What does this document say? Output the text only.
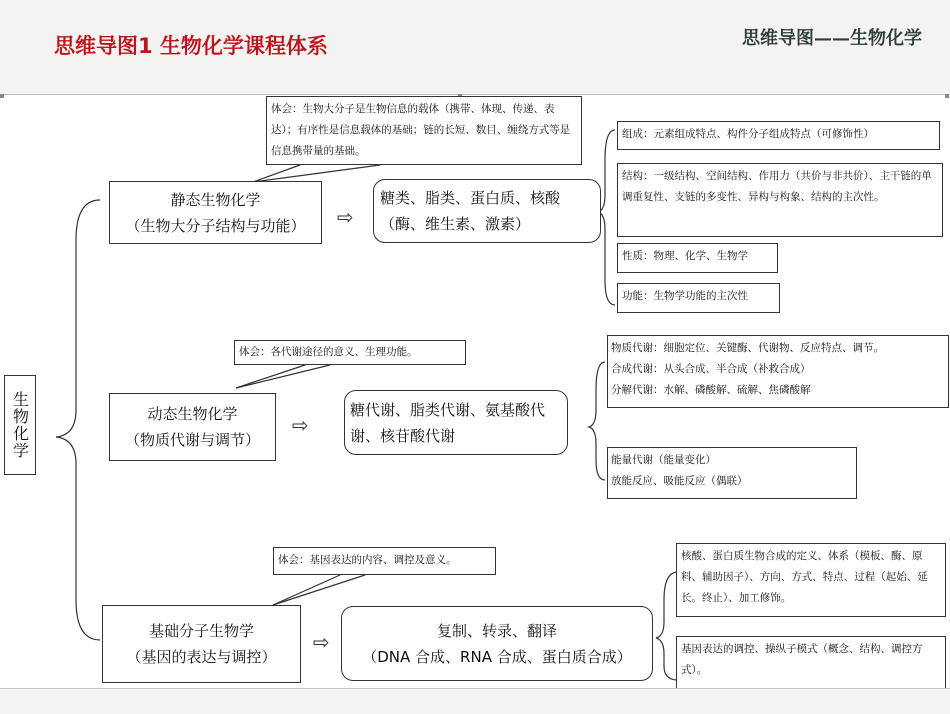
思维导图1 生物化学课程体系	思维导图——生物化学
生物化学
体会：生物大分子是生物信息的载体（携带、体现、传递、表达）；有序性是信息载体的基础；链的长短、数目、缠绕方式等是信息携带量的基础。
静态生物化学
（生物大分子结构与功能） ⇨
糖类、脂类、蛋白质、核酸（酶、维生素、激素）
组成：元素组成特点、构件分子组成特点（可修饰性）
结构：一级结构、空间结构、作用力（共价与非共价）、主干链的单调重复性、支链的多变性、异构与构象、结构的主次性。
性质：物理、化学、生物学
功能：生物学功能的主次性
体会：各代谢途径的意义、生理功能。
动态生物化学
（物质代谢与调节）
⇨
糖代谢、脂类代谢、氨基酸代谢、核苷酸代谢
物质代谢：细胞定位、关键酶、代谢物、反应特点、调节。
合成代谢：从头合成、半合成（补救合成）
分解代谢：水解、磷酸解、硫解、焦磷酸解
能量代谢（能量变化）
放能反应、吸能反应（偶联）
体会：基因表达的内容、调控及意义。
基础分子生物学
（基因的表达与调控）
⇨	复制、转录、翻译
（DNA 合成、RNA 合成、蛋白质合成）
核酸、蛋白质生物合成的定义、体系（模板、酶、原料、辅助因子）、方向、方式、特点、过程（起始、延长。终止）、加工修饰。
基因表达的调控、操纵子模式（概念、结构、调控方式）。
